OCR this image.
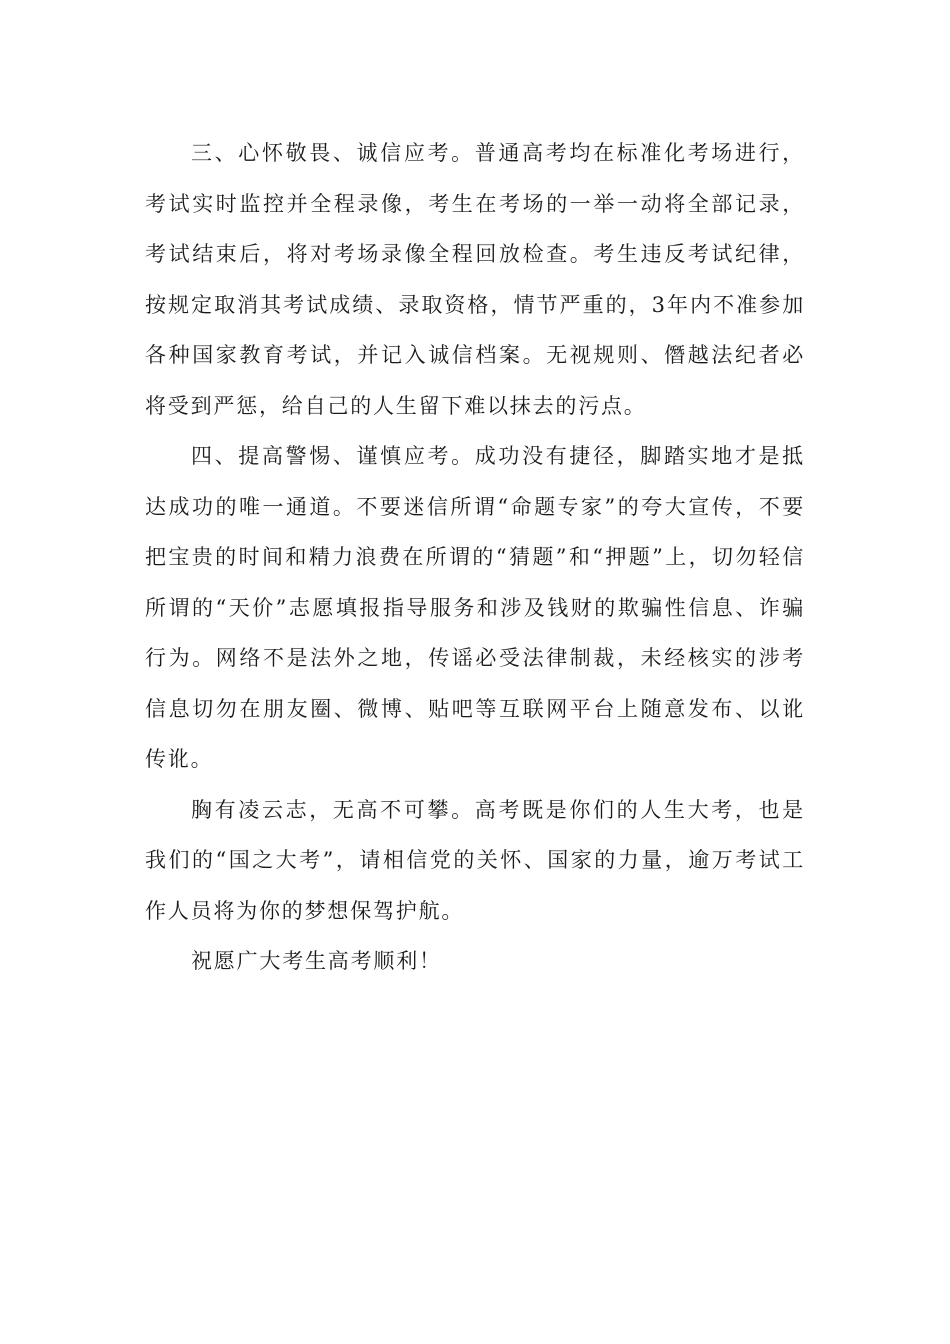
三、心怀敬畏、诚信应考。普通高考均在标准化考场进行，考试实时监控并全程录像，考生在考场的一举一动将全部记录，考试结束后，将对考场录像全程回放检查。考生违反考试纪律，按规定取消其考试成绩、录取资格，情节严重的，3年内不准参加各种国家教育考试，并记入诚信档案。无视规则、僭越法纪者必将受到严惩，给自己的人生留下难以抹去的污点。

四、提高警惕、谨慎应考。成功没有捷径，脚踏实地才是抵达成功的唯一通道。不要迷信所谓“命题专家”的夸大宣传，不要把宝贵的时间和精力浪费在所谓的“猜题”和“押题”上，切勿轻信所谓的“天价”志愿填报指导服务和涉及钱财的欺骗性信息、诈骗行为。网络不是法外之地，传谣必受法律制裁，未经核实的涉考信息切勿在朋友圈、微博、贴吧等互联网平台上随意发布、以讹传讹。

胸有凌云志，无高不可攀。高考既是你们的人生大考，也是我们的“国之大考”，请相信党的关怀、国家的力量，逾万考试工作人员将为你的梦想保驾护航。

祝愿广大考生高考顺利！
